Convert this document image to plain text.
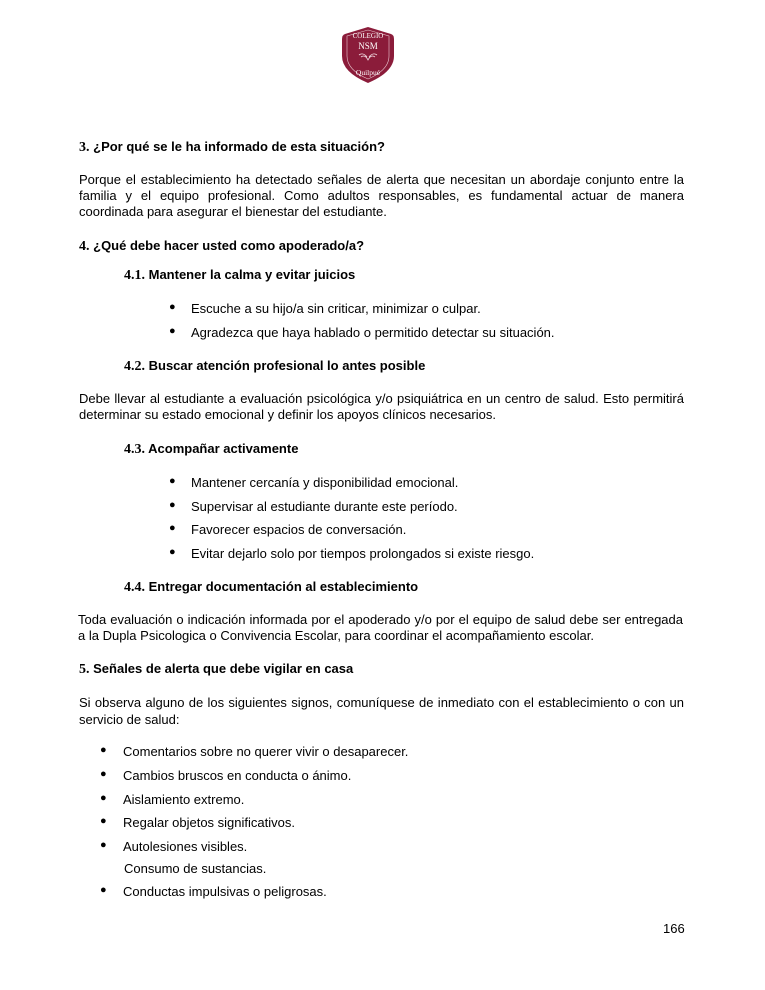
COLEGIO
NSM
Quilpué
3. ¿Por qué se le ha informado de esta situación?
Porque el establecimiento ha detectado señales de alerta que necesitan un abordaje conjunto entre la familia y el equipo profesional. Como adultos responsables, es fundamental actuar de manera coordinada para asegurar el bienestar del estudiante.
4. ¿Qué debe hacer usted como apoderado/a?
4.1. Mantener la calma y evitar juicios
● Escuche a su hijo/a sin criticar, minimizar o culpar.
● Agradezca que haya hablado o permitido detectar su situación.
4.2. Buscar atención profesional lo antes posible
Debe llevar al estudiante a evaluación psicológica y/o psiquiátrica en un centro de salud. Esto permitirá determinar su estado emocional y definir los apoyos clínicos necesarios.
4.3. Acompañar activamente
● Mantener cercanía y disponibilidad emocional.
● Supervisar al estudiante durante este período.
● Favorecer espacios de conversación.
● Evitar dejarlo solo por tiempos prolongados si existe riesgo.
4.4. Entregar documentación al establecimiento
Toda evaluación o indicación informada por el apoderado y/o por el equipo de salud debe ser entregada a la Dupla Psicologica o Convivencia Escolar, para coordinar el acompañamiento escolar.
5. Señales de alerta que debe vigilar en casa
Si observa alguno de los siguientes signos, comuníquese de inmediato con el establecimiento o con un servicio de salud:
● Comentarios sobre no querer vivir o desaparecer.
● Cambios bruscos en conducta o ánimo.
● Aislamiento extremo.
● Regalar objetos significativos.
● Autolesiones visibles.
Consumo de sustancias.
● Conductas impulsivas o peligrosas.
166
